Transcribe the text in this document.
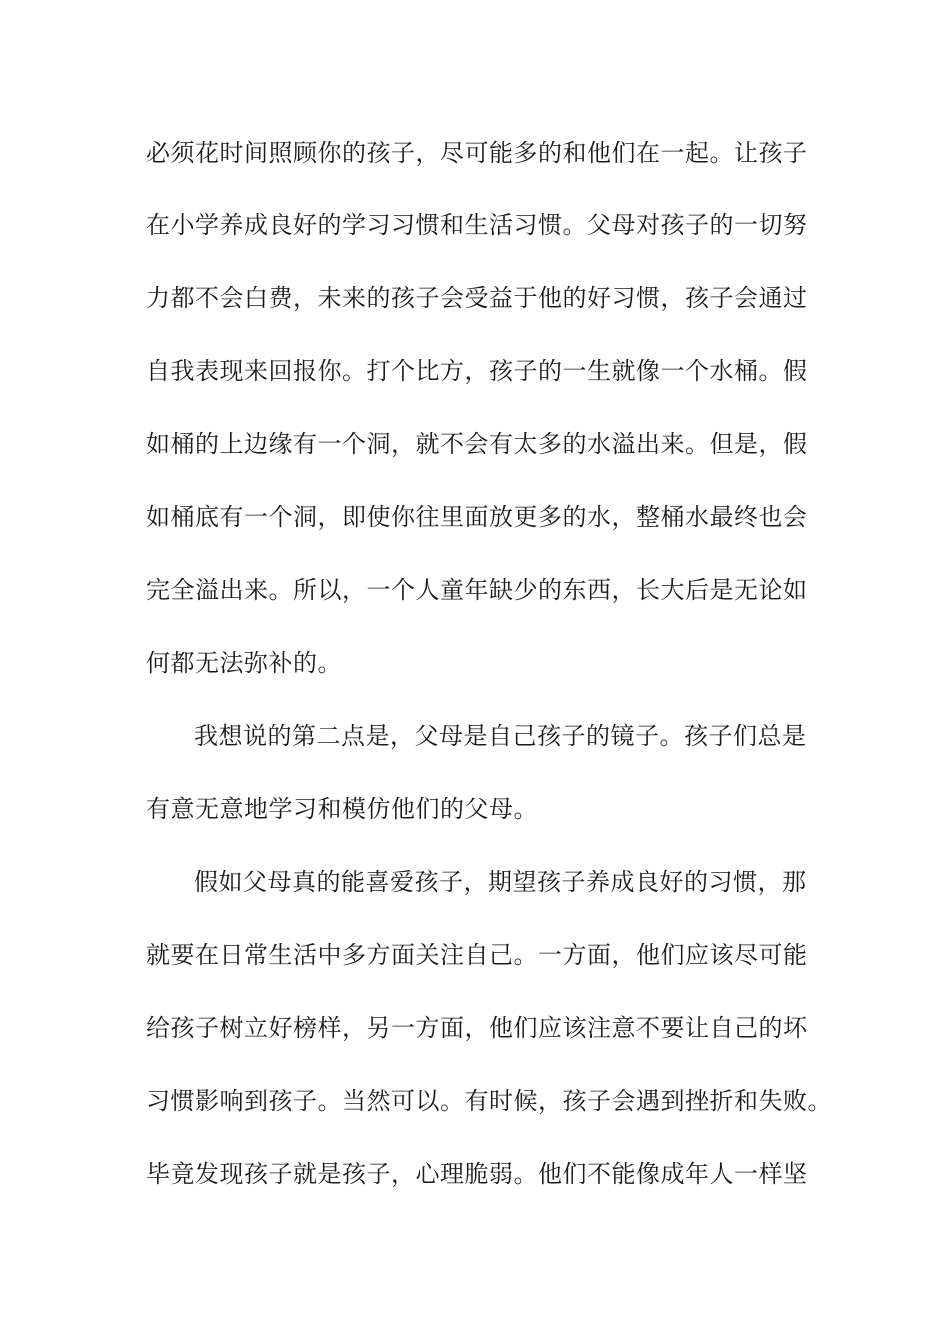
必须花时间照顾你的孩子，尽可能多的和他们在一起。让孩子

在小学养成良好的学习习惯和生活习惯。父母对孩子的一切努

力都不会白费，未来的孩子会受益于他的好习惯，孩子会通过

自我表现来回报你。打个比方，孩子的一生就像一个水桶。假

如桶的上边缘有一个洞，就不会有太多的水溢出来。但是，假

如桶底有一个洞，即使你往里面放更多的水，整桶水最终也会

完全溢出来。所以，一个人童年缺少的东西，长大后是无论如

何都无法弥补的。

我想说的第二点是，父母是自己孩子的镜子。孩子们总是

有意无意地学习和模仿他们的父母。

假如父母真的能喜爱孩子，期望孩子养成良好的习惯，那

就要在日常生活中多方面关注自己。一方面，他们应该尽可能

给孩子树立好榜样，另一方面，他们应该注意不要让自己的坏

习惯影响到孩子。当然可以。有时候，孩子会遇到挫折和失败。

毕竟发现孩子就是孩子，心理脆弱。他们不能像成年人一样坚
